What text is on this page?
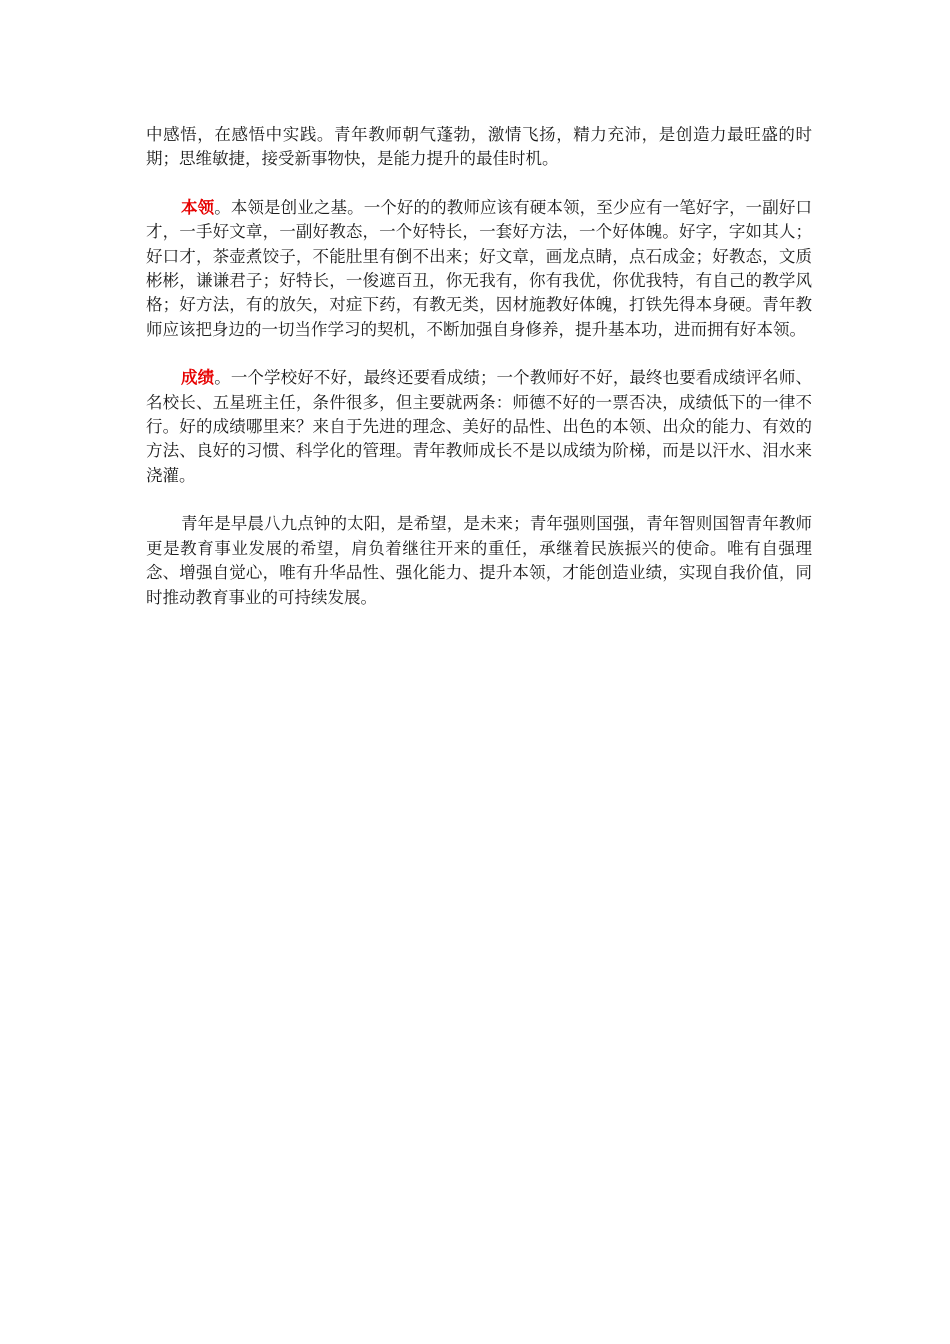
中感悟，在感悟中实践。青年教师朝气蓬勃，激情飞扬，精力充沛，是创造力最旺盛的时期；思维敏捷，接受新事物快，是能力提升的最佳时机。

本领。本领是创业之基。一个好的的教师应该有硬本领，至少应有一笔好字，一副好口才，一手好文章，一副好教态，一个好特长，一套好方法，一个好体魄。好字，字如其人；好口才，茶壶煮饺子，不能肚里有倒不出来；好文章，画龙点睛，点石成金；好教态，文质彬彬，谦谦君子；好特长，一俊遮百丑，你无我有，你有我优，你优我特，有自己的教学风格；好方法，有的放矢，对症下药，有教无类，因材施教好体魄，打铁先得本身硬。青年教师应该把身边的一切当作学习的契机，不断加强自身修养，提升基本功，进而拥有好本领。

成绩。一个学校好不好，最终还要看成绩；一个教师好不好，最终也要看成绩评名师、名校长、五星班主任，条件很多，但主要就两条：师德不好的一票否决，成绩低下的一律不行。好的成绩哪里来？来自于先进的理念、美好的品性、出色的本领、出众的能力、有效的方法、良好的习惯、科学化的管理。青年教师成长不是以成绩为阶梯，而是以汗水、泪水来浇灌。

青年是早晨八九点钟的太阳，是希望，是未来；青年强则国强，青年智则国智青年教师更是教育事业发展的希望，肩负着继往开来的重任，承继着民族振兴的使命。唯有自强理念、增强自觉心，唯有升华品性、强化能力、提升本领，才能创造业绩，实现自我价值，同时推动教育事业的可持续发展。
